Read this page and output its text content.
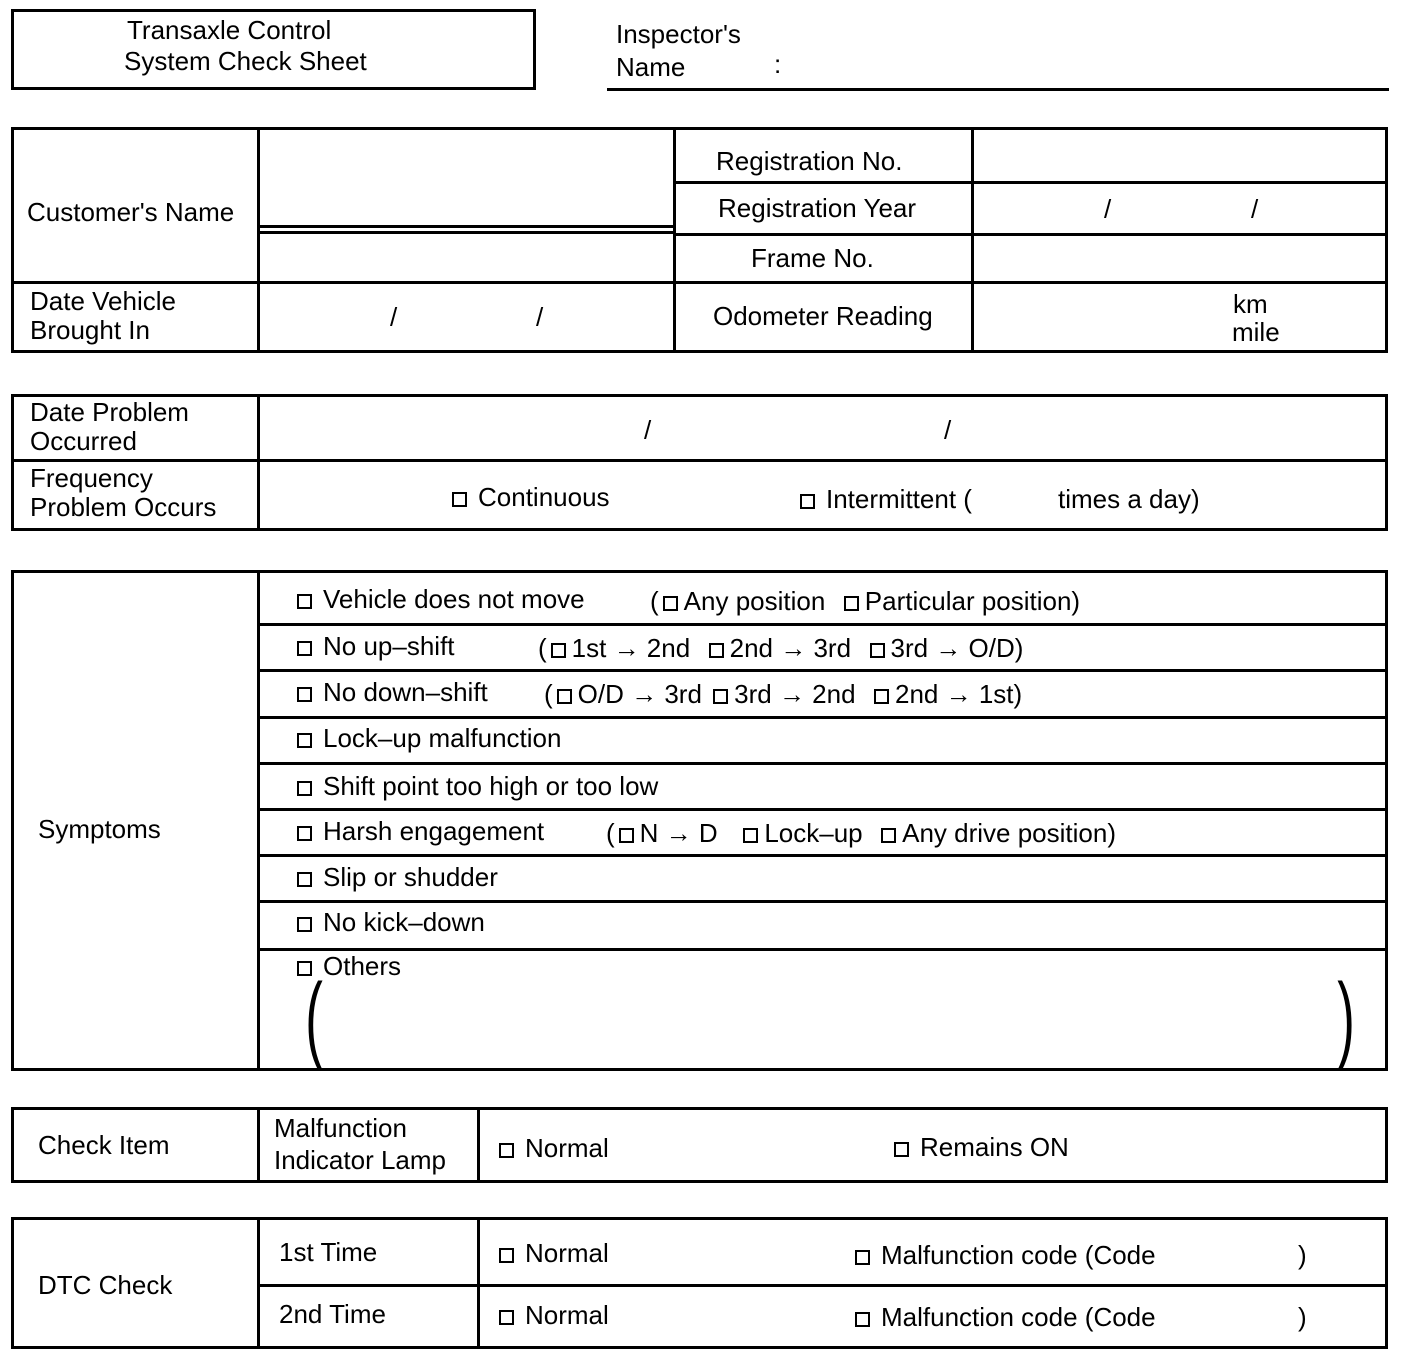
Transaxle Control
System Check Sheet
Inspector's
Name	:
Customer's Name
Registration No.
Registration Year	/	/
Frame No.
Date Vehicle
Brought In	/	/	Odometer Reading	km
mile
Date Problem
Occurred	/	/
Frequency
Problem Occurs	Continuous	Intermittent (	times a day)
Symptoms
Vehicle does not move	( Any position Particular position)
No up–shift	( 1st → 2nd 2nd → 3rd 3rd → O/D)
No down–shift ( O/D → 3rd 3rd → 2nd 2nd → 1st)
Lock–up malfunction
Shift point too high or too low
Harsh engagement ( N → D Lock–up Any drive position)
Slip or shudder
No kick–down
Others
(	)
Check Item
Malfunction
Indicator Lamp	Normal	Remains ON
DTC Check
1st Time	Normal	Malfunction code (Code	)
2nd Time	Normal	Malfunction code (Code	)
